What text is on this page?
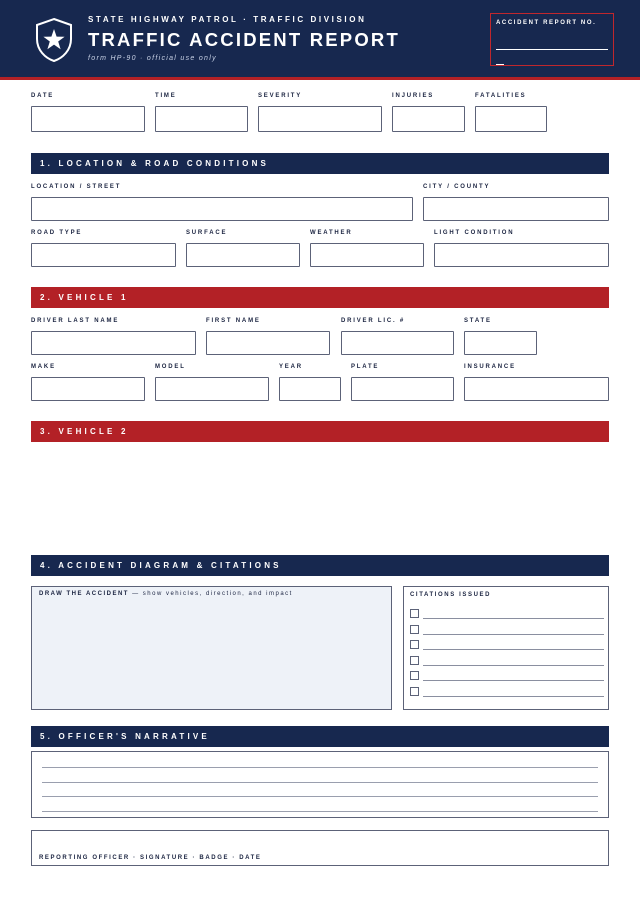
STATE HIGHWAY PATROL · TRAFFIC DIVISION
TRAFFIC ACCIDENT REPORT
form HP-90 · official use only
ACCIDENT REPORT NO.
DATE	TIME	SEVERITY	INJURIES	FATALITIES
1. LOCATION & ROAD CONDITIONS
LOCATION / STREET	CITY / COUNTY
ROAD TYPE	SURFACE	WEATHER	LIGHT CONDITION
2. VEHICLE 1
DRIVER LAST NAME	FIRST NAME	DRIVER LIC. #	STATE
MAKE	MODEL	YEAR	PLATE	INSURANCE
3. VEHICLE 2
4. ACCIDENT DIAGRAM & CITATIONS
DRAW THE ACCIDENT — show vehicles, direction, and impact	CITATIONS ISSUED
5. OFFICER'S NARRATIVE
REPORTING OFFICER · SIGNATURE · BADGE · DATE
